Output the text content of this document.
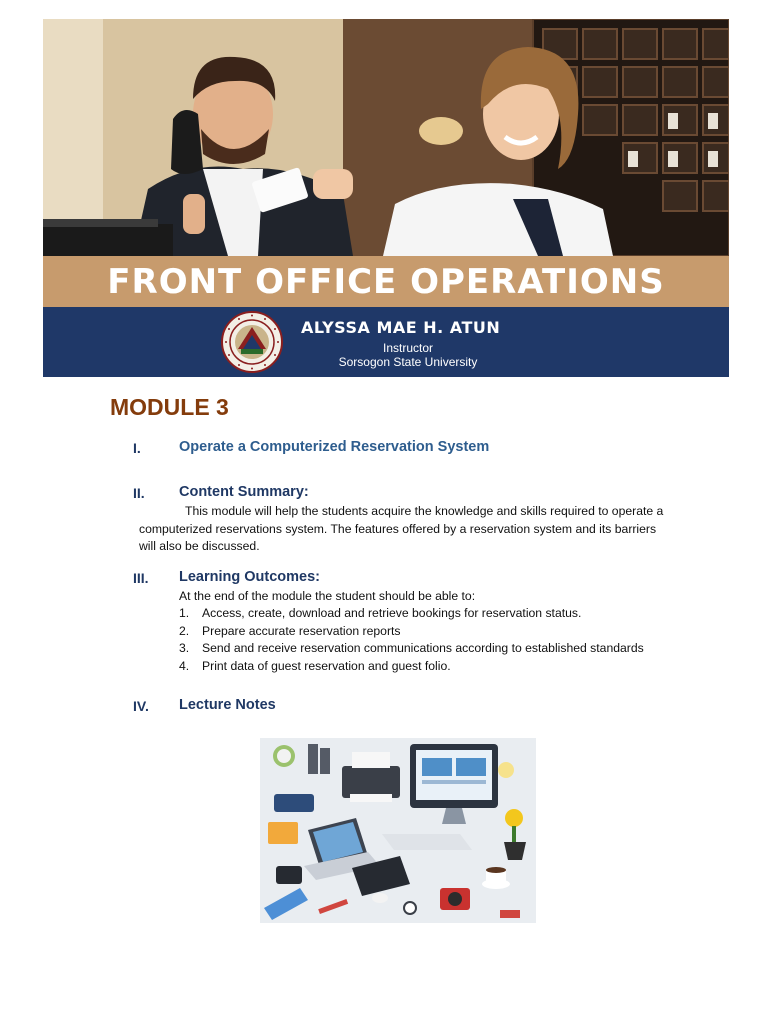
FRONT OFFICE OPERATIONS
ALYSSA MAE H. ATUN
Instructor
Sorsogon State University
MODULE 3
I.	Operate a Computerized Reservation System
II. Content Summary:
This module will help the students acquire the knowledge and skills required to operate a computerized reservations system. The features offered by a reservation system and its barriers will also be discussed.
III. Learning Outcomes:
At the end of the module the student should be able to:
1. Access, create, download and retrieve bookings for reservation status.
2. Prepare accurate reservation reports
3. Send and receive reservation communications according to established standards
4. Print data of guest reservation and guest folio.
IV. Lecture Notes
